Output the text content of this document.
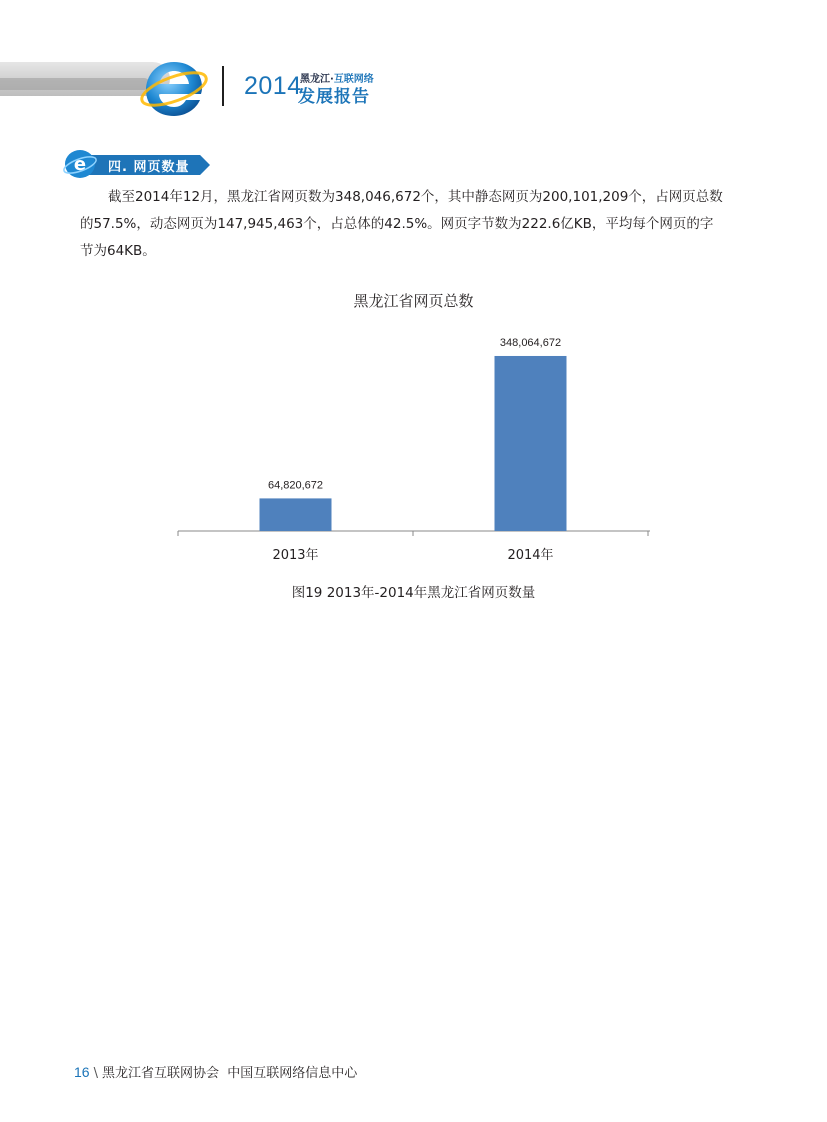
2014
黑龙江·互联网络
发展报告
e 四. 网页数量
截至2014年12月，黑龙江省网页数为348,046,672个，其中静态网页为200,101,209个，占网页总数
的57.5%，动态网页为147,945,463个，占总体的42.5%。网页字节数为222.6亿KB，平均每个网页的字
节为64KB。
黑龙江省网页总数
64,820,672
2013年
348,064,672
2014年
图19 2013年-2014年黑龙江省网页数量
16 \ 黑龙江省互联网协会 中国互联网络信息中心
